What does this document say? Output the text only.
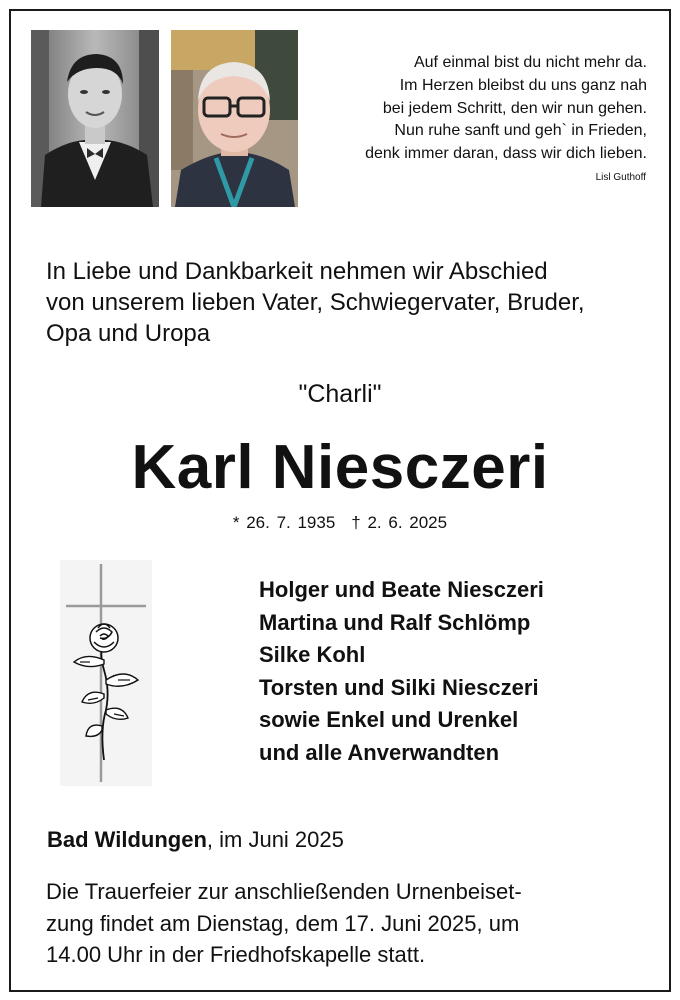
Auf einmal bist du nicht mehr da.
Im Herzen bleibst du uns ganz nah
bei jedem Schritt, den wir nun gehen.
Nun ruhe sanft und geh` in Frieden,
denk immer daran, dass wir dich lieben.
Lisl Guthoff
In Liebe und Dankbarkeit nehmen wir Abschied
von unserem lieben Vater, Schwiegervater, Bruder,
Opa und Uropa
"Charli"
Karl Niesczeri
* 26. 7. 1935 † 2. 6. 2025
Holger und Beate Niesczeri
Martina und Ralf Schlömp
Silke Kohl
Torsten und Silki Niesczeri
sowie Enkel und Urenkel
und alle Anverwandten
Bad Wildungen, im Juni 2025
Die Trauerfeier zur anschließenden Urnenbeiset-
zung findet am Dienstag, dem 17. Juni 2025, um
14.00 Uhr in der Friedhofskapelle statt.
